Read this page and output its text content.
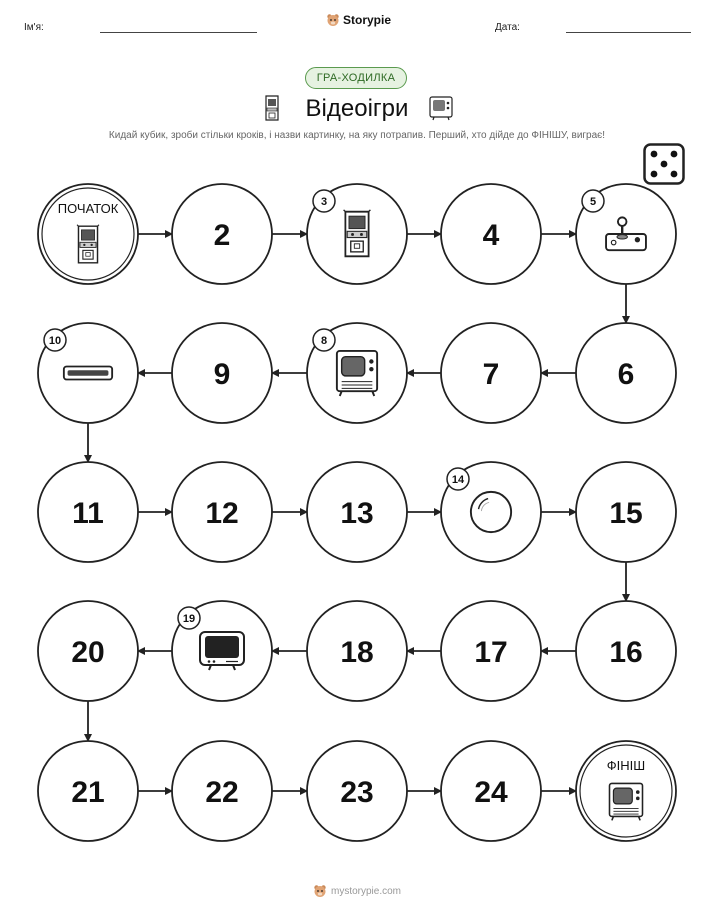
Ім'я:
Storypie
Дата:
ГРА-ХОДИЛКА
Відеоігри
Кидай кубик, зроби стільки кроків, і назви картинку, на яку потрапив. Перший, хто дійде до ФІНІШУ, виграє!
ПОЧАТОК
2
3
4
5
6
7
8
9
10
11	12	13
14
15
16
17
18
19
20
21	22	23	24
ФІНІШ
mystorypie.com
